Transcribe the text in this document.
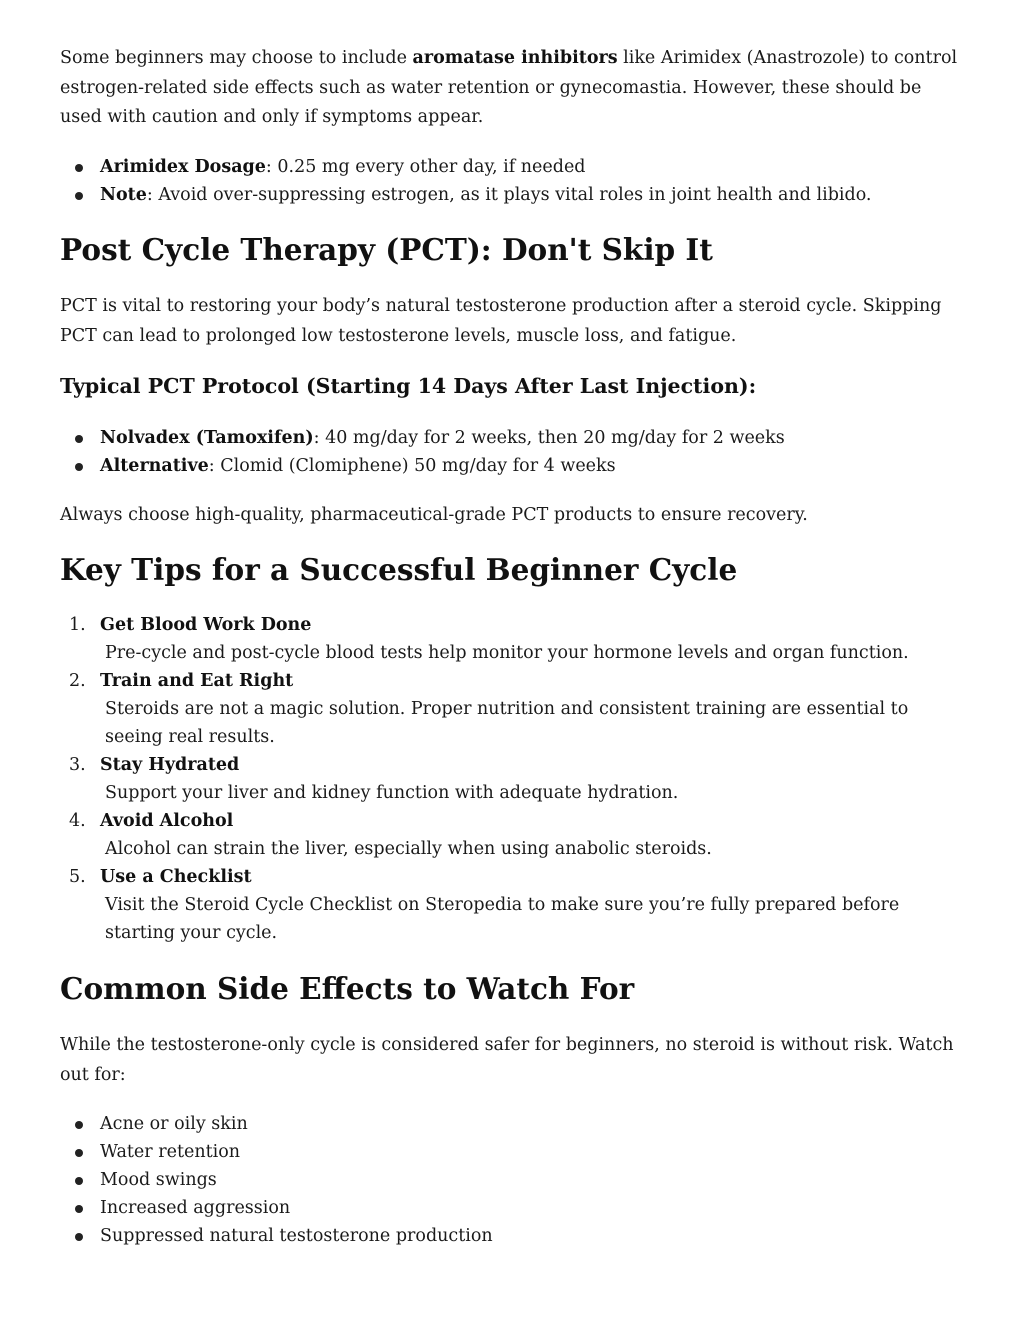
Some beginners may choose to include aromatase inhibitors like Arimidex (Anastrozole) to control estrogen-related side effects such as water retention or gynecomastia. However, these should be used with caution and only if symptoms appear.

Arimidex Dosage: 0.25 mg every other day, if needed
Note: Avoid over-suppressing estrogen, as it plays vital roles in joint health and libido.
Post Cycle Therapy (PCT): Don't Skip It

PCT is vital to restoring your body’s natural testosterone production after a steroid cycle. Skipping PCT can lead to prolonged low testosterone levels, muscle loss, and fatigue.

Typical PCT Protocol (Starting 14 Days After Last Injection):
Nolvadex (Tamoxifen): 40 mg/day for 2 weeks, then 20 mg/day for 2 weeks
Alternative: Clomid (Clomiphene) 50 mg/day for 4 weeks

Always choose high-quality, pharmaceutical-grade PCT products to ensure recovery.

Key Tips for a Successful Beginner Cycle
1. Get Blood Work Done
Pre-cycle and post-cycle blood tests help monitor your hormone levels and organ function.
2. Train and Eat Right
Steroids are not a magic solution. Proper nutrition and consistent training are essential to seeing real results.
3. Stay Hydrated
Support your liver and kidney function with adequate hydration.
4. Avoid Alcohol
Alcohol can strain the liver, especially when using anabolic steroids.
5. Use a Checklist
Visit the Steroid Cycle Checklist on Steropedia to make sure you’re fully prepared before starting your cycle.
Common Side Effects to Watch For

While the testosterone-only cycle is considered safer for beginners, no steroid is without risk. Watch out for:

Acne or oily skin
Water retention
Mood swings
Increased aggression
Suppressed natural testosterone production
